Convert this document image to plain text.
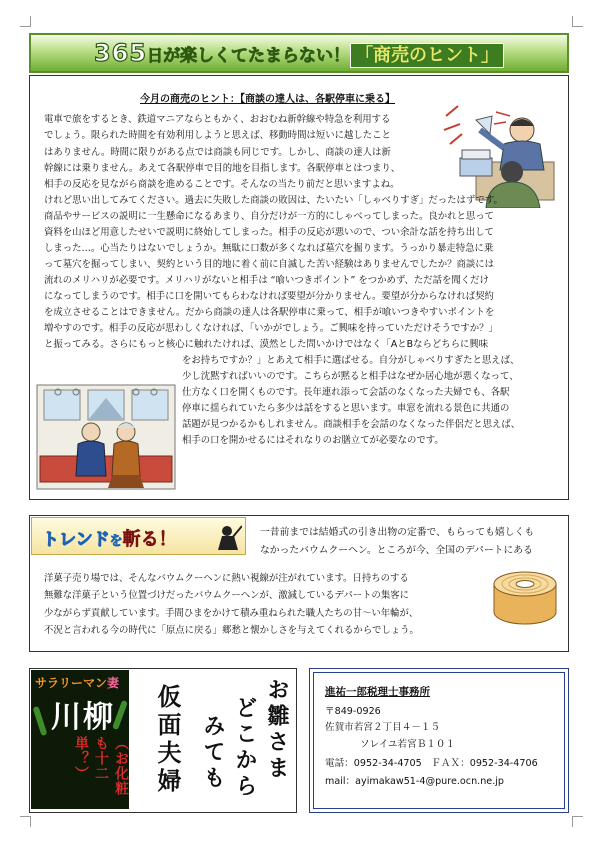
365日が楽しくてたまらない！ 「商売のヒント」
今月の商売のヒント：【商談の達人は、各駅停車に乗る】
電車で旅をするとき、鉄道マニアならともかく、おおむね新幹線や特急を利用する
でしょう。限られた時間を有効利用しようと思えば、移動時間は短いに越したこと
はありません。時間に限りがある点では商談も同じです。しかし、商談の達人は新
幹線には乗りません。あえて各駅停車で目的地を目指します。各駅停車とはつまり、
相手の反応を見ながら商談を進めることです。そんなの当たり前だと思いますよね。
けれど思い出してみてください。過去に失敗した商談の敗因は、たいたい「しゃべりすぎ」だったはずです。
商品やサービスの説明に一生懸命になるあまり、自分だけが一方的にしゃべってしまった。良かれと思って
資料を山ほど用意したせいで説明に終始してしまった。相手の反応が悪いので、つい余計な話を持ち出して
しまった…。心当たりはないでしょうか。無駄に口数が多くなれば墓穴を掘ります。うっかり暴走特急に乗
って墓穴を掘ってしまい、契約という目的地に着く前に自滅した苦い経験はありませんでしたか？商談には
流れのメリハリが必要です。メリハリがないと相手は “喰いつきポイント” をつかめず、ただ話を聞くだけ
になってしまうのです。相手に口を開いてもらわなければ要望が分かりません。要望が分からなければ契約
を成立させることはできません。だから商談の達人は各駅停車に乗って、相手が喰いつきやすいポイントを
増やすのです。相手の反応が思わしくなければ、「いかがでしょう。ご興味を持っていただけそうですか？」
と振ってみる。さらにもっと核心に触れたければ、漠然とした問いかけではなく「AとBならどちらに興味
をお持ちですか？」とあえて相手に選ばせる。自分がしゃべりすぎたと思えば、
少し沈黙すればいいのです。こちらが黙ると相手はなぜか居心地が悪くなって、
仕方なく口を開くものです。長年連れ添って会話のなくなった夫婦でも、各駅
停車に揺られていたら多少は話をすると思います。車窓を流れる景色に共通の
話題が見つかるかもしれません。商談相手を会話のなくなった伴侶だと思えば、
相手の口を開かせるにはそれなりのお膳立てが必要なのです。
トレンドを斬る！	一昔前までは結婚式の引き出物の定番で、もらっても嬉しくも
なかったバウムクーヘン。ところが今、全国のデパートにある
洋菓子売り場では、そんなバウムクーヘンに熱い視線が注がれています。日持ちのする
無難な洋菓子という位置づけだったバウムクーヘンが、激減しているデパートの集客に
少ながらず貢献しています。手間ひまをかけて積み重ねられた職人たちの甘～い年輪が、
不況と言われる今の時代に「原点に戻る」郷愁と懐かしさを与えてくれるからでしょう。
サラリーマン妻
川柳
（お化粧も十二単？）	お雛さま
どこから
みても
仮面夫婦	進祐一郎税理士事務所
〒849-0926
佐賀市若宮２丁目４－１５
ソレイユ若宮Ｂ１０１
電話：0952-34-4705　ＦＡＸ：0952-34-4706
mail：ayimakaw51-4@pure.ocn.ne.jp
